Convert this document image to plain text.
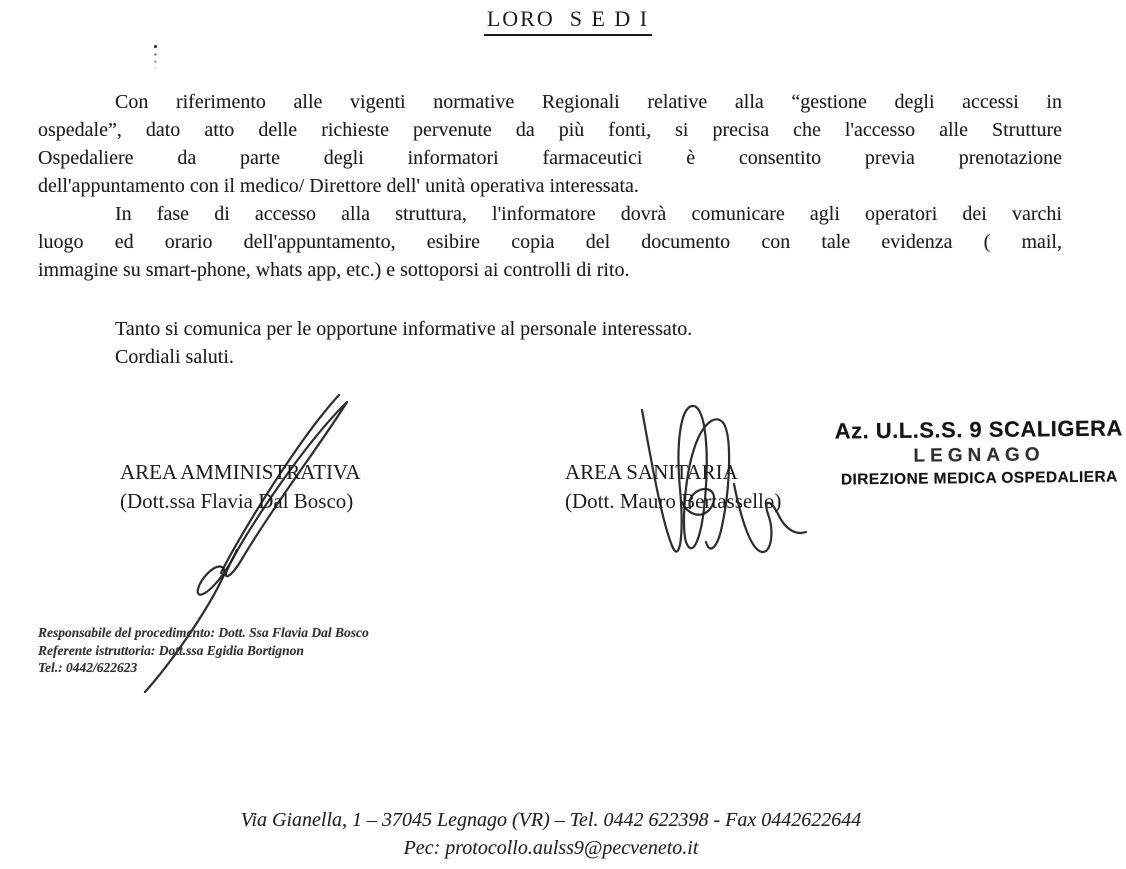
LORO  S E D I
Con riferimento alle vigenti normative Regionali relative alla “gestione degli accessi in
ospedale”, dato atto delle richieste pervenute da più fonti, si precisa che l'accesso alle Strutture
Ospedaliere da parte degli informatori farmaceutici è consentito previa prenotazione
dell'appuntamento con il medico/ Direttore dell' unità operativa interessata.
In fase di accesso alla struttura, l'informatore dovrà comunicare agli operatori dei varchi
luogo ed orario dell'appuntamento, esibire copia del documento con tale evidenza ( mail,
immagine su smart-phone, whats app, etc.) e sottoporsi ai controlli di rito.
Tanto si comunica per le opportune informative al personale interessato.
Cordiali saluti.
AREA AMMINISTRATIVA
(Dott.ssa Flavia Dal Bosco)
AREA SANITARIA
(Dott. Mauro Bertassello)
Az. U.L.S.S. 9 SCALIGERA
LEGNAGO
DIREZIONE MEDICA OSPEDALIERA
Responsabile del procedimento: Dott. Ssa Flavia Dal Bosco
Referente istruttoria: Dott.ssa Egidia Bortignon
Tel.: 0442/622623
Via Gianella, 1 – 37045 Legnago (VR) – Tel. 0442 622398 - Fax 0442622644
Pec: protocollo.aulss9@pecveneto.it
